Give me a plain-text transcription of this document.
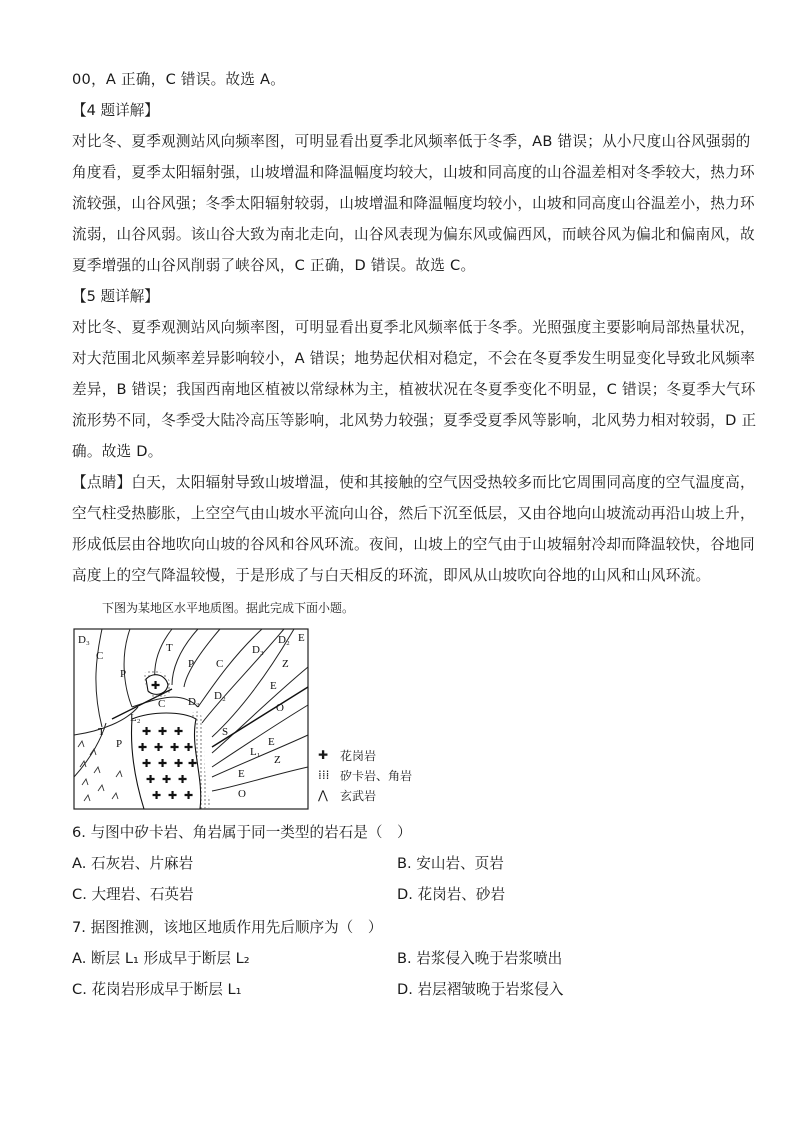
00，A 正确，C 错误。故选 A。
【4 题详解】
对比冬、夏季观测站风向频率图，可明显看出夏季北风频率低于冬季，AB 错误；从小尺度山谷风强弱的
角度看，夏季太阳辐射强，山坡增温和降温幅度均较大，山坡和同高度的山谷温差相对冬季较大，热力环
流较强，山谷风强；冬季太阳辐射较弱，山坡增温和降温幅度均较小，山坡和同高度山谷温差小，热力环
流弱，山谷风弱。该山谷大致为南北走向，山谷风表现为偏东风或偏西风，而峡谷风为偏北和偏南风，故
夏季增强的山谷风削弱了峡谷风，C 正确，D 错误。故选 C。
【5 题详解】
对比冬、夏季观测站风向频率图，可明显看出夏季北风频率低于冬季。光照强度主要影响局部热量状况，
对大范围北风频率差异影响较小，A 错误；地势起伏相对稳定，不会在冬夏季发生明显变化导致北风频率
差异，B 错误；我国西南地区植被以常绿林为主，植被状况在冬夏季变化不明显，C 错误；冬夏季大气环
流形势不同，冬季受大陆冷高压等影响，北风势力较强；夏季受夏季风等影响，北风势力相对较弱，D 正
确。故选 D。
【点睛】白天，太阳辐射导致山坡增温，使和其接触的空气因受热较多而比它周围同高度的空气温度高，
空气柱受热膨胀，上空空气由山坡水平流向山谷，然后下沉至低层，又由谷地向山坡流动再沿山坡上升，
形成低层由谷地吹向山坡的谷风和谷风环流。夜间，山坡上的空气由于山坡辐射冷却而降温较快，谷地同
高度上的空气降温较慢，于是形成了与白天相反的环流，即风从山坡吹向谷地的山风和山风环流。
下图为某地区水平地质图。据此完成下面小题。
✚
✚ ✚ ✚
✚ ✚ ✚ ✚
✚ ✚ ✚ ✚
✚ ✚ ✚
✚ ✚ ✚
D₃
C
P
T
P C
D₃
D₂ E
Z
E
O
D₃ D₂
C
L₂
T
P
S
E
L₁
Z
E
O
✚ 花岗岩
⁞⁞⁞ 矽卡岩、角岩
⋀	玄武岩
6. 与图中矽卡岩、角岩属于同一类型的岩石是（　）
A. 石灰岩、片麻岩	B. 安山岩、页岩
C. 大理岩、石英岩	D. 花岗岩、砂岩
7. 据图推测，该地区地质作用先后顺序为（　）
A. 断层 L₁ 形成早于断层 L₂	B. 岩浆侵入晚于岩浆喷出
C. 花岗岩形成早于断层 L₁	D. 岩层褶皱晚于岩浆侵入
